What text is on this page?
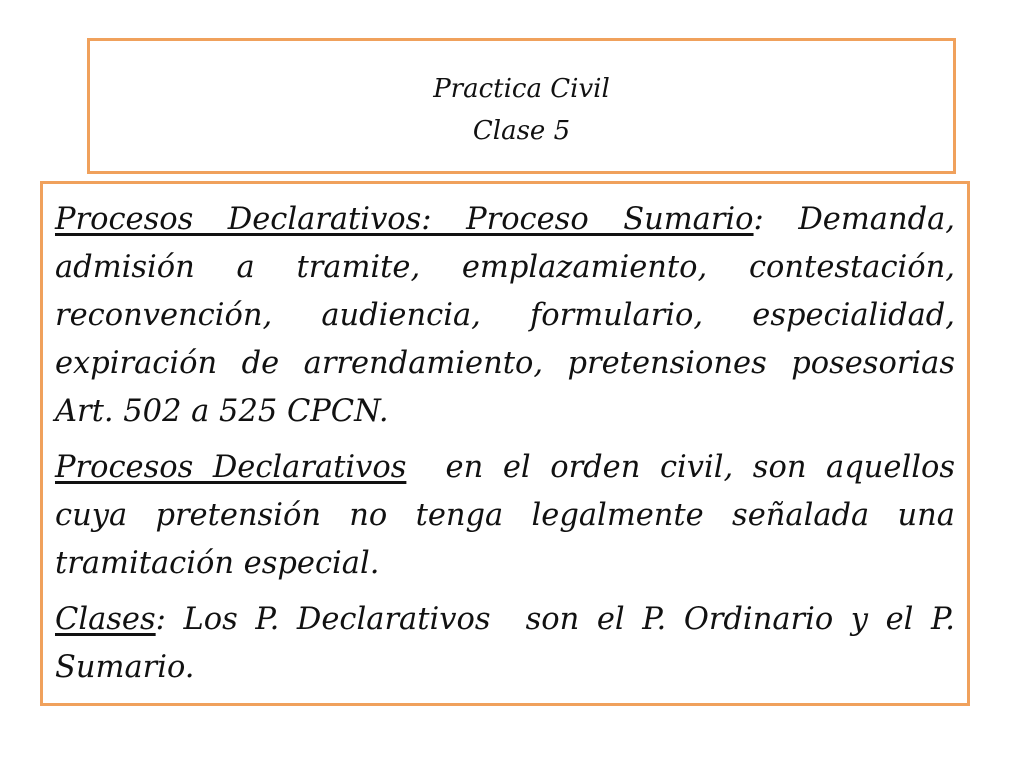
Practica Civil
Clase 5

Procesos Declarativos: Proceso Sumario: Demanda, admisión a tramite, emplazamiento, contestación, reconvención, audiencia, formulario, especialidad, expiración de arrendamiento, pretensiones posesorias Art. 502 a 525 CPCN.

Procesos Declarativos  en el orden civil, son aquellos cuya pretensión no tenga legalmente señalada una tramitación especial.

Clases: Los P. Declarativos  son el P. Ordinario y el P. Sumario.
